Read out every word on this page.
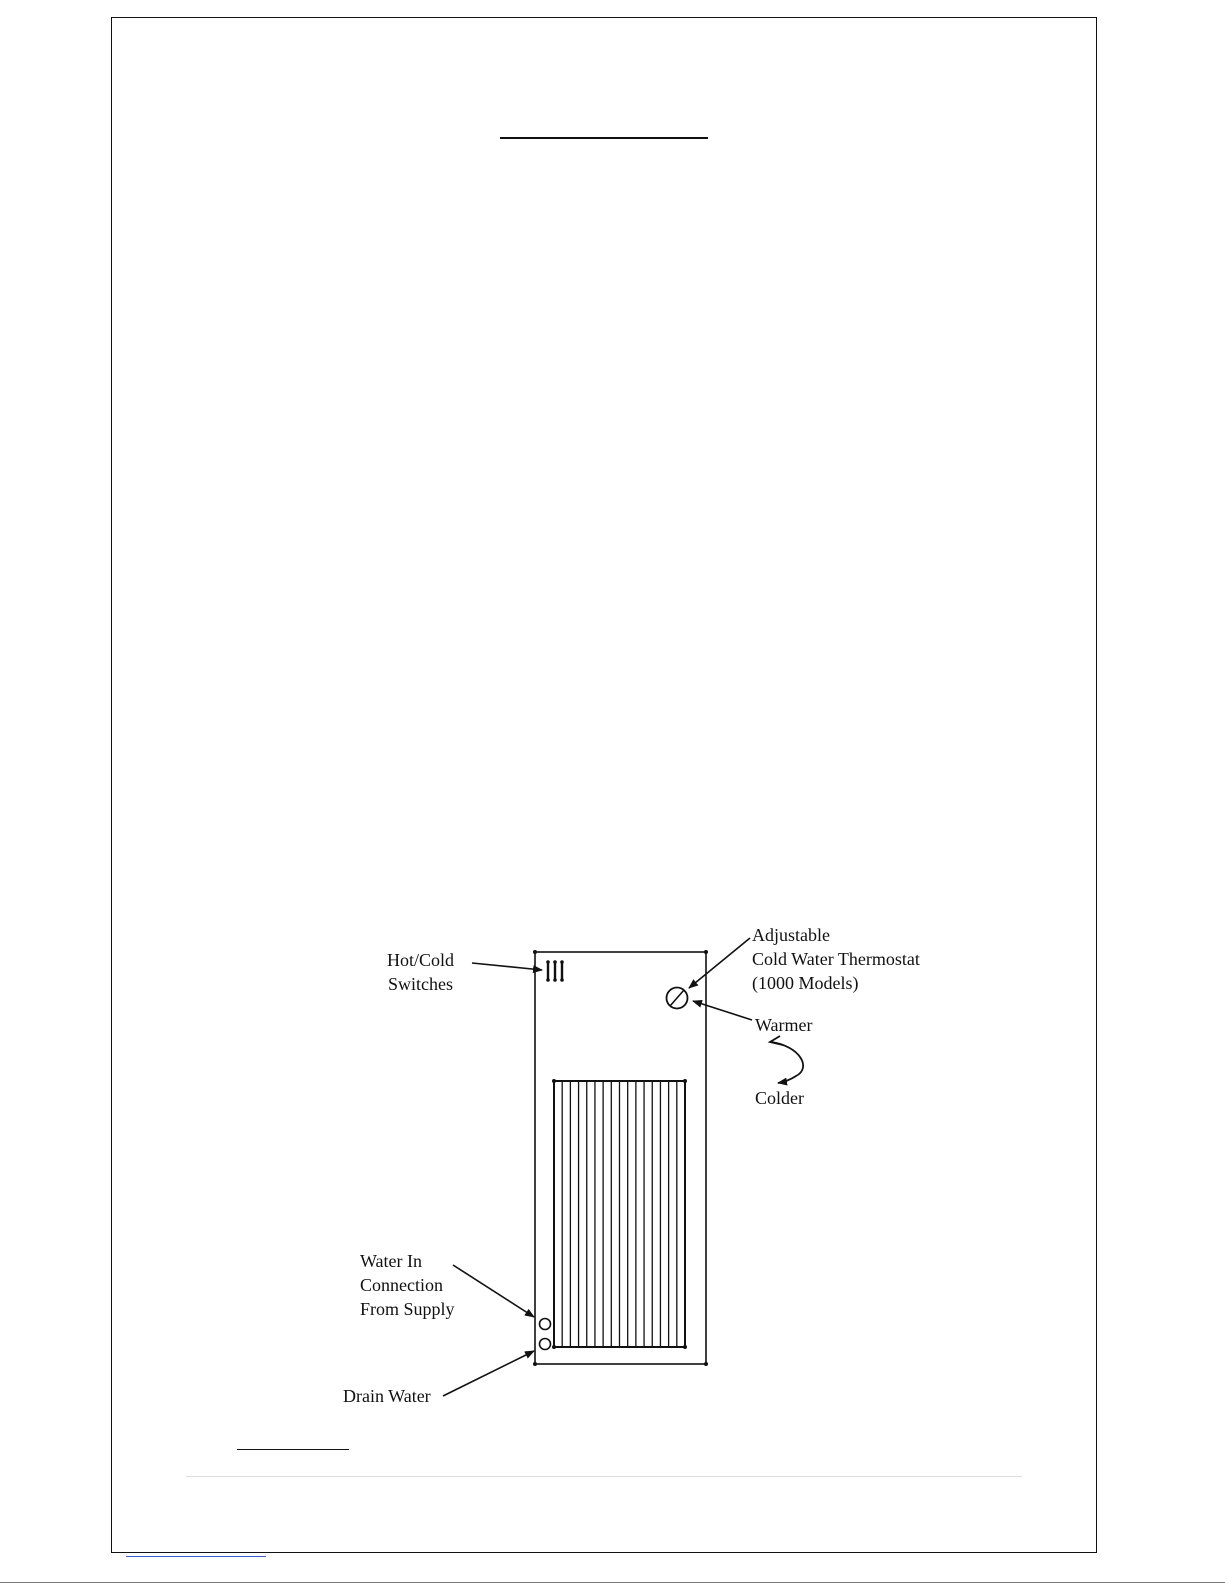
Hot/Cold
Switches
Adjustable
Cold Water Thermostat
(1000 Models)
Warmer
Colder
Water In
Connection
From Supply
Drain Water
